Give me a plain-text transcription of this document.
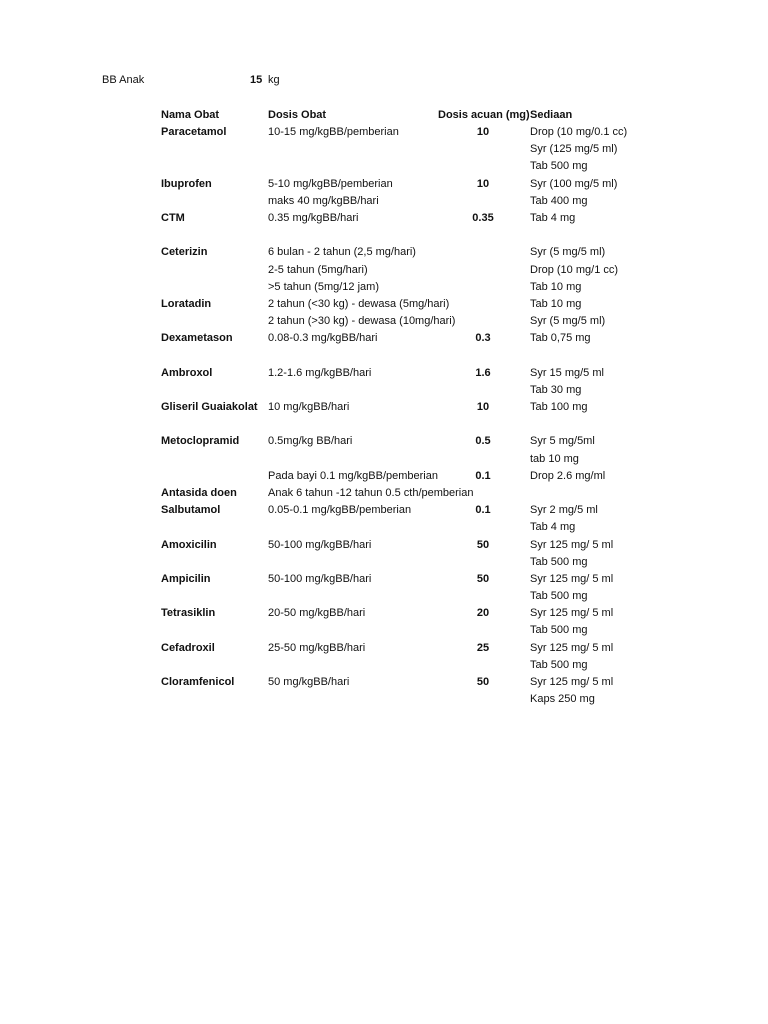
BB Anak	15 kg
Nama Obat	Dosis Obat	Dosis acuan (mg) Sediaan
Paracetamol	10-15 mg/kgBB/pemberian	10	Drop (10 mg/0.1 cc)
Syr (125 mg/5 ml)
Tab 500 mg
Ibuprofen	5-10 mg/kgBB/pemberian	10	Syr (100 mg/5 ml)
maks 40 mg/kgBB/hari	Tab 400 mg
CTM	0.35 mg/kgBB/hari	0.35	Tab 4 mg
Ceterizin	6 bulan - 2 tahun (2,5 mg/hari)	Syr (5 mg/5 ml)
2-5 tahun (5mg/hari)	Drop (10 mg/1 cc)
>5 tahun (5mg/12 jam)	Tab 10 mg
Loratadin	2 tahun (<30 kg) - dewasa (5mg/hari)	Tab 10 mg
2 tahun (>30 kg) - dewasa (10mg/hari)	Syr (5 mg/5 ml)
Dexametason	0.08-0.3 mg/kgBB/hari	0.3	Tab 0,75 mg
Ambroxol	1.2-1.6 mg/kgBB/hari	1.6	Syr 15 mg/5 ml
Tab 30 mg
Gliseril Guaiakolat 10 mg/kgBB/hari	10	Tab 100 mg
Metoclopramid	0.5mg/kg BB/hari	0.5	Syr 5 mg/5ml
tab 10 mg
Pada bayi 0.1 mg/kgBB/pemberian	0.1	Drop 2.6 mg/ml
Antasida doen	Anak 6 tahun -12 tahun 0.5 cth/pemberian
Salbutamol	0.05-0.1 mg/kgBB/pemberian	0.1	Syr 2 mg/5 ml
Tab 4 mg
Amoxicilin	50-100 mg/kgBB/hari	50	Syr 125 mg/ 5 ml
Tab 500 mg
Ampicilin	50-100 mg/kgBB/hari	50	Syr 125 mg/ 5 ml
Tab 500 mg
Tetrasiklin	20-50 mg/kgBB/hari	20	Syr 125 mg/ 5 ml
Tab 500 mg
Cefadroxil	25-50 mg/kgBB/hari	25	Syr 125 mg/ 5 ml
Tab 500 mg
Cloramfenicol	50 mg/kgBB/hari	50	Syr 125 mg/ 5 ml
Kaps 250 mg
